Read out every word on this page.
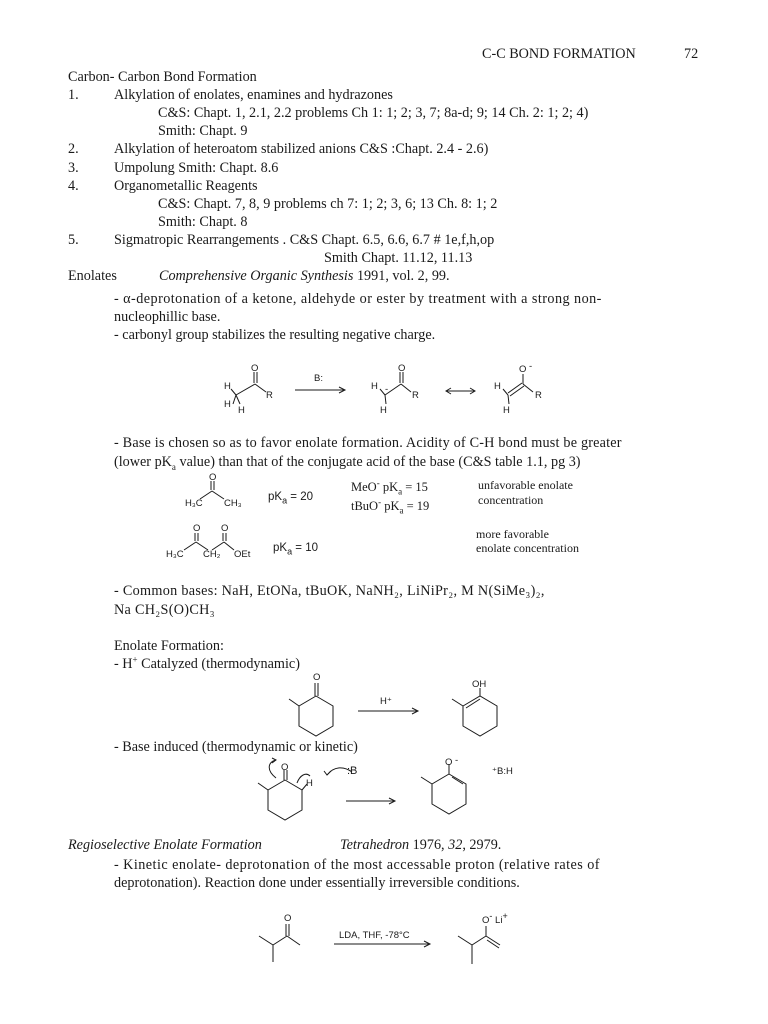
C-C BOND FORMATION	72
Carbon- Carbon Bond Formation
1. Alkylation of enolates, enamines and hydrazones
C&S: Chapt. 1, 2.1, 2.2 problems Ch 1: 1; 2; 3, 7; 8a-d; 9; 14 Ch. 2: 1; 2; 4)
Smith: Chapt. 9
2. Alkylation of heteroatom stabilized anions C&S :Chapt. 2.4 - 2.6)
3. Umpolung Smith: Chapt. 8.6
4. Organometallic Reagents
C&S: Chapt. 7, 8, 9 problems ch 7: 1; 2; 3, 6; 13 Ch. 8: 1; 2
Smith: Chapt. 8
5. Sigmatropic Rearrangements . C&S Chapt. 6.5, 6.6, 6.7 # 1e,f,h,op
Smith Chapt. 11.12, 11.13
Enolates	Comprehensive Organic Synthesis 1991, vol. 2, 99.
- α-deprotonation of a ketone, aldehyde or ester by treatment with a strong non-
nucleophillic base.
- carbonyl group stabilizes the resulting negative charge.
O
H
H
H
R
B:
O
H
H
R
-
O -
H
H
R
- Base is chosen so as to favor enolate formation. Acidity of C-H bond must be greater
(lower $pK_a$ value) than that of the conjugate acid of the base (C&S table 1.1, pg 3)
O
H₃C CH₃
$pK_a = 20$
MeO- $pK_a = 15$
tBuO- $pK_a = 19$
unfavorable enolate
concentration
O O
H₃C CH₂ OEt
$pK_a = 10$
more favorable
enolate concentration
- Common bases: NaH, EtONa, tBuOK, NaNH₂, LiNiPr₂, M N(SiMe₃)₂,
Na CH₂S(O)CH₃
Enolate Formation:
- H+ Catalyzed (thermodynamic)
O
H⁺
OH
- Base induced (thermodynamic or kinetic)
O
H
:B
O -
⁺B:H
Regioselective Enolate Formation	Tetrahedron 1976, 32, 2979.
- Kinetic enolate- deprotonation of the most accessable proton (relative rates of
deprotonation). Reaction done under essentially irreversible conditions.
O
LDA, THF, -78°C
O- Li+
